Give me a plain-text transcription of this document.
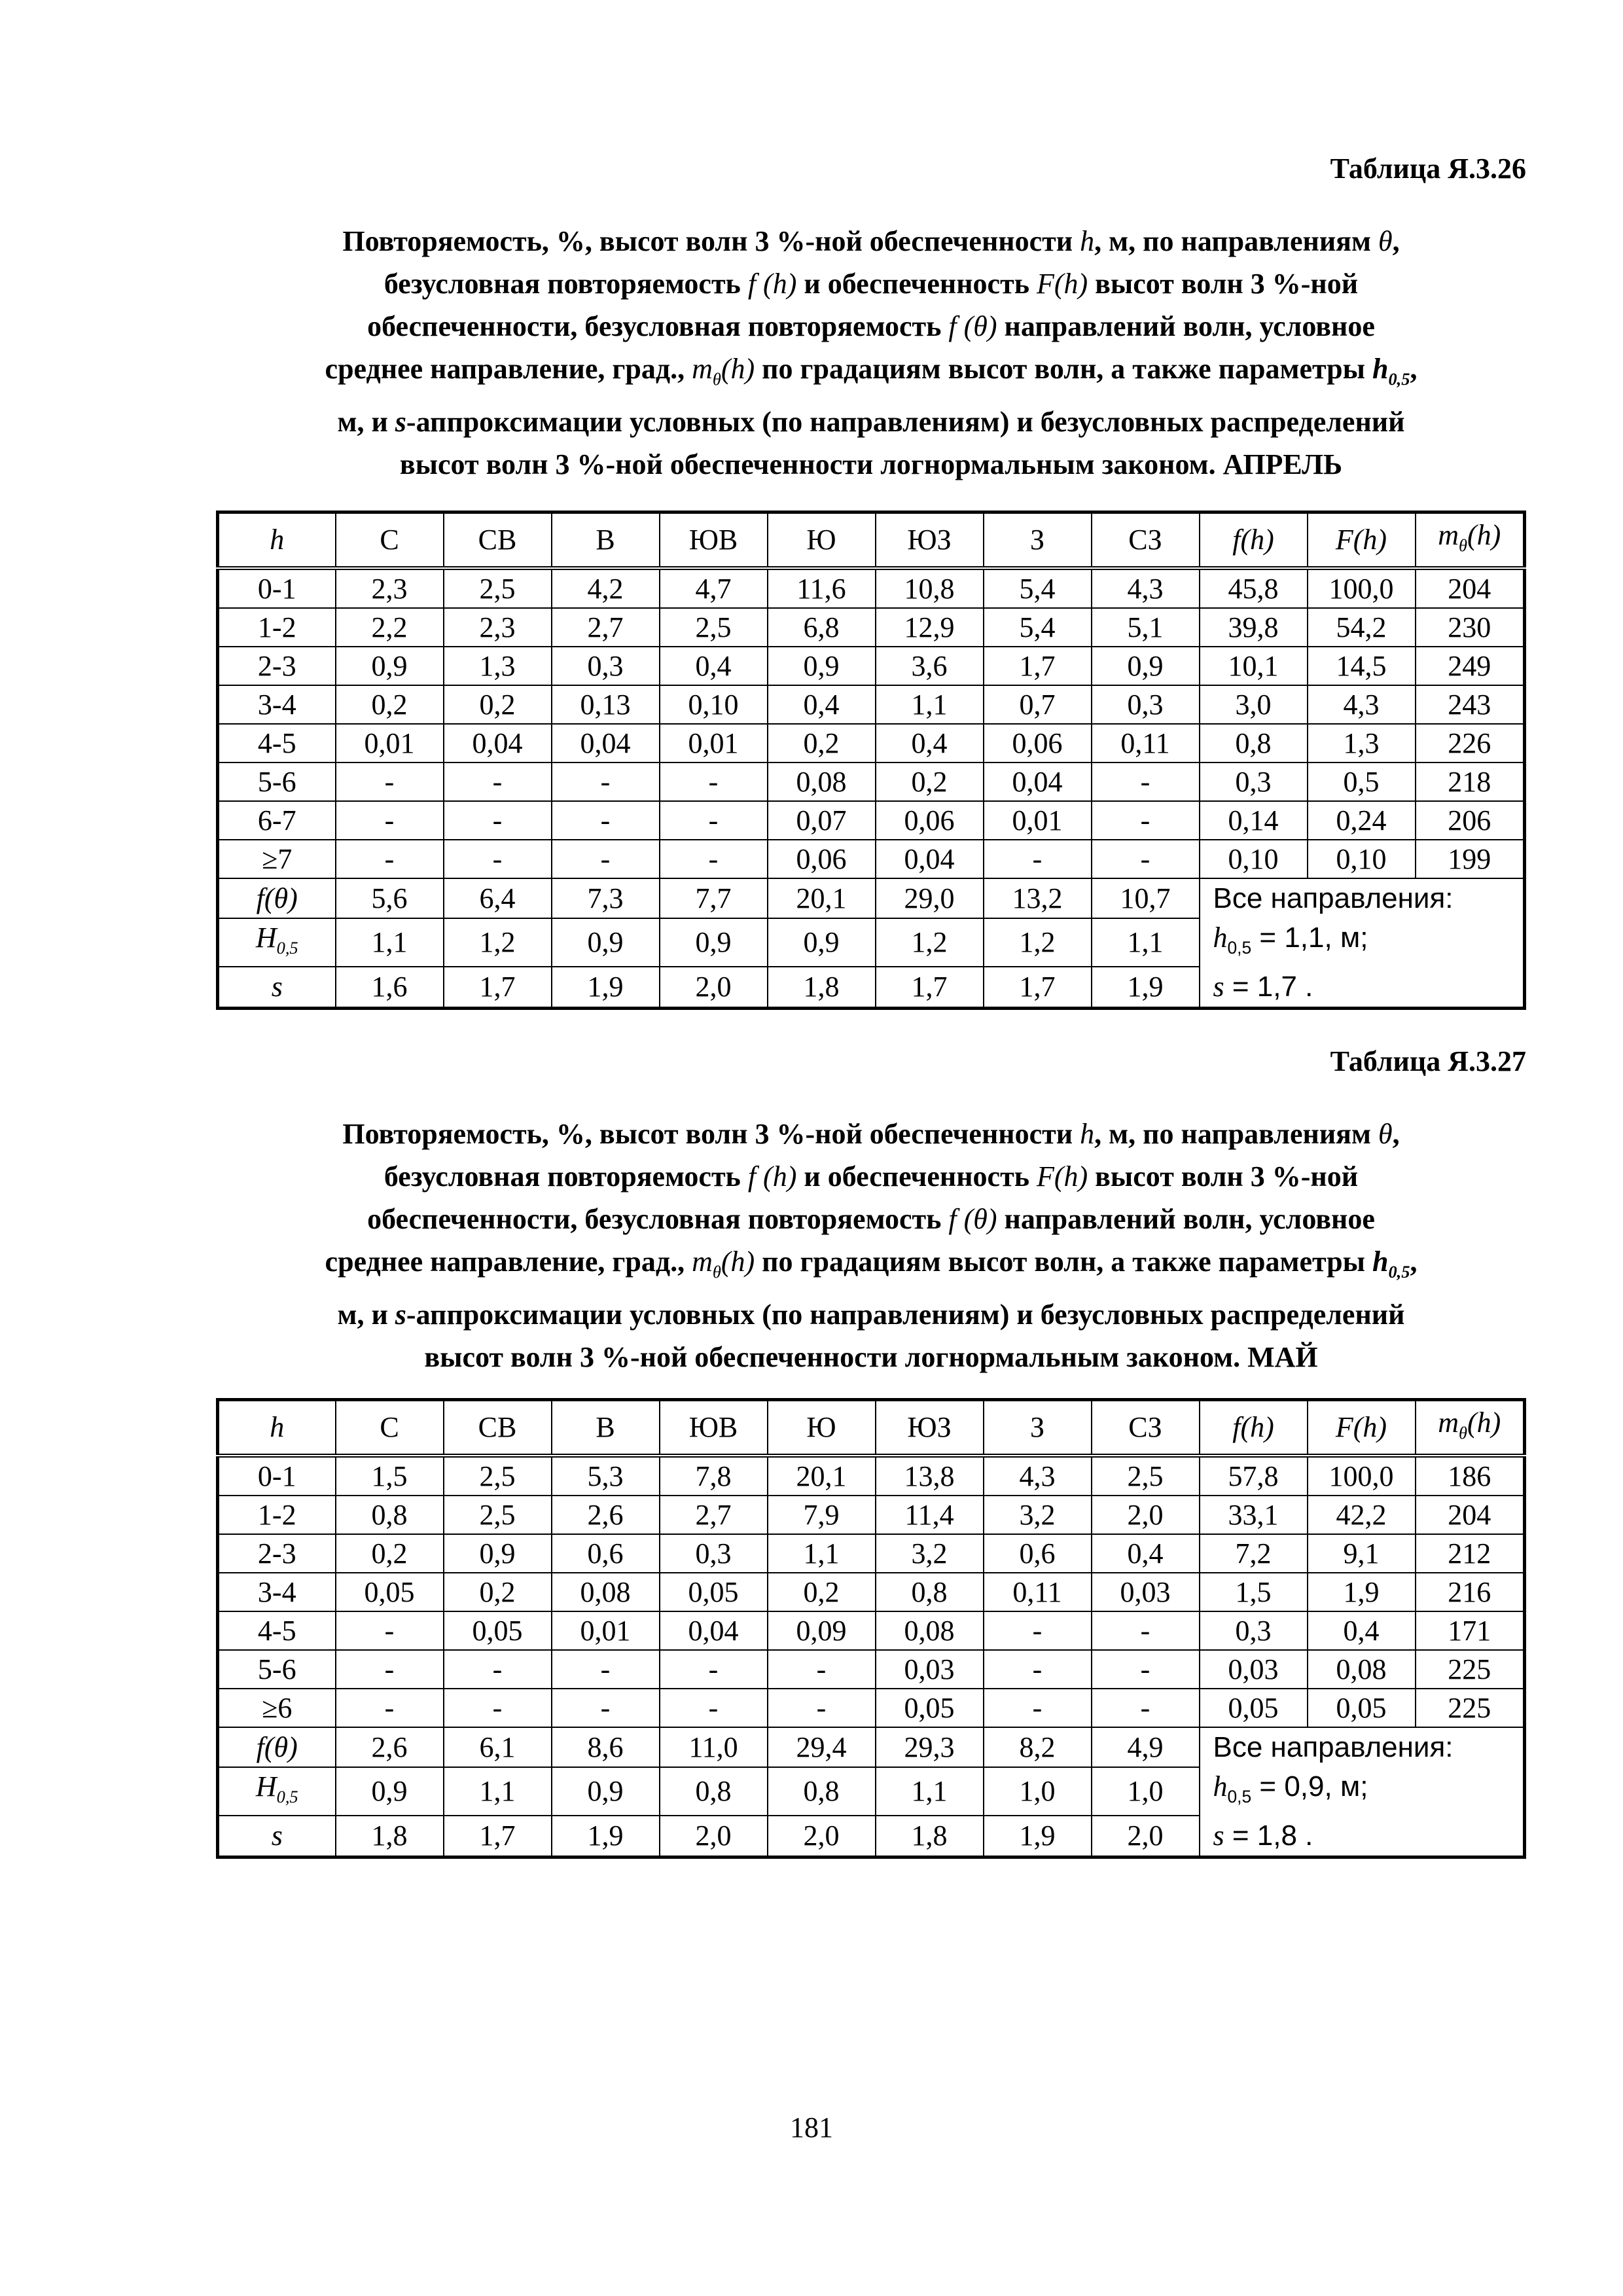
Таблица Я.3.26

Повторяемость, %, высот волн 3 %-ной обеспеченности h, м, по направлениям θ,
безусловная повторяемость f (h) и обеспеченность F(h) высот волн 3 %-ной
обеспеченности, безусловная повторяемость f (θ) направлений волн, условное
среднее направление, град., $m_\theta(h)$ по градациям высот волн, а также параметры $h_{0,5}$,
м, и s-аппроксимации условных (по направлениям) и безусловных распределений
высот волн 3 %-ной обеспеченности логнормальным законом. АПРЕЛЬ
h	С	СВ	В	ЮВ	Ю	ЮЗ	З	СЗ	f(h)	F(h)	$m_\theta(h)$
0-1	2,3	2,5	4,2	4,7	11,6	10,8	5,4	4,3	45,8	100,0	204
1-2	2,2	2,3	2,7	2,5	6,8	12,9	5,4	5,1	39,8	54,2	230
2-3	0,9	1,3	0,3	0,4	0,9	3,6	1,7	0,9	10,1	14,5	249
3-4	0,2	0,2	0,13	0,10	0,4	1,1	0,7	0,3	3,0	4,3	243
4-5	0,01	0,04	0,04	0,01	0,2	0,4	0,06	0,11	0,8	1,3	226
5-6	-	-	-	-	0,08	0,2	0,04	-	0,3	0,5	218
6-7	-	-	-	-	0,07	0,06	0,01	-	0,14	0,24	206
≥7	-	-	-	-	0,06	0,04	-	-	0,10	0,10	199
f(θ)	5,6	6,4	7,3	7,7	20,1	29,0	13,2	10,7	Все направления:
$h_{0,5} = 1,1$, м;
s = 1,7 .		

$H_{0,5}$	1,1	1,2	0,9	0,9	0,9	1,2	1,2	1,1			
s	1,6	1,7	1,9	2,0	1,8	1,7	1,7	1,9			

Таблица Я.3.27

Повторяемость, %, высот волн 3 %-ной обеспеченности h, м, по направлениям θ,
безусловная повторяемость f (h) и обеспеченность F(h) высот волн 3 %-ной
обеспеченности, безусловная повторяемость f (θ) направлений волн, условное
среднее направление, град., $m_\theta(h)$ по градациям высот волн, а также параметры $h_{0,5}$,
м, и s-аппроксимации условных (по направлениям) и безусловных распределений
высот волн 3 %-ной обеспеченности логнормальным законом. МАЙ
h	С	СВ	В	ЮВ	Ю	ЮЗ	З	СЗ	f(h)	F(h)	$m_\theta(h)$
0-1	1,5	2,5	5,3	7,8	20,1	13,8	4,3	2,5	57,8	100,0	186
1-2	0,8	2,5	2,6	2,7	7,9	11,4	3,2	2,0	33,1	42,2	204
2-3	0,2	0,9	0,6	0,3	1,1	3,2	0,6	0,4	7,2	9,1	212
3-4	0,05	0,2	0,08	0,05	0,2	0,8	0,11	0,03	1,5	1,9	216
4-5	-	0,05	0,01	0,04	0,09	0,08	-	-	0,3	0,4	171
5-6	-	-	-	-	-	0,03	-	-	0,03	0,08	225
≥6	-	-	-	-	-	0,05	-	-	0,05	0,05	225
f(θ)	2,6	6,1	8,6	11,0	29,4	29,3	8,2	4,9	Все направления:
$h_{0,5} = 0,9$, м;
s = 1,8 .		

$H_{0,5}$	0,9	1,1	0,9	0,8	0,8	1,1	1,0	1,0			
s	1,8	1,7	1,9	2,0	2,0	1,8	1,9	2,0			
181
